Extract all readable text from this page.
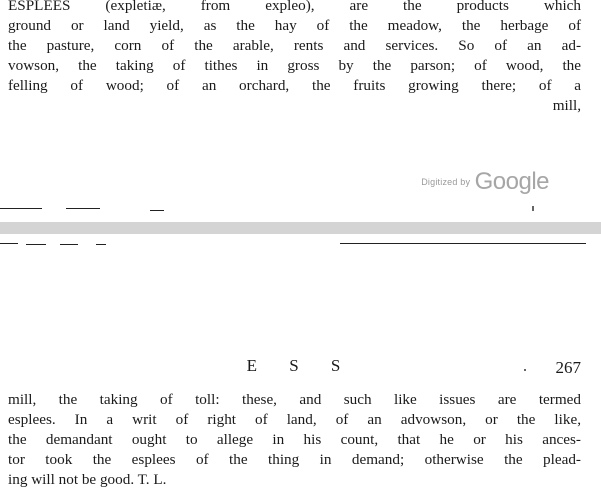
ESPLEES (expletiæ, from expleo), are the products which
ground or land yield, as the hay of the meadow, the herbage of
the pasture, corn of the arable, rents and services. So of an ad-
vowson, the taking of tithes in gross by the parson; of wood, the
felling of wood; of an orchard, the fruits growing there; of a
mill,
Digitized by Google
E S S	267
mill, the taking of toll: these, and such like issues are termed
esplees. In a writ of right of land, of an advowson, or the like,
the demandant ought to allege in his count, that he or his ances-
tor took the esplees of the thing in demand; otherwise the plead-
ing will not be good. T. L.
